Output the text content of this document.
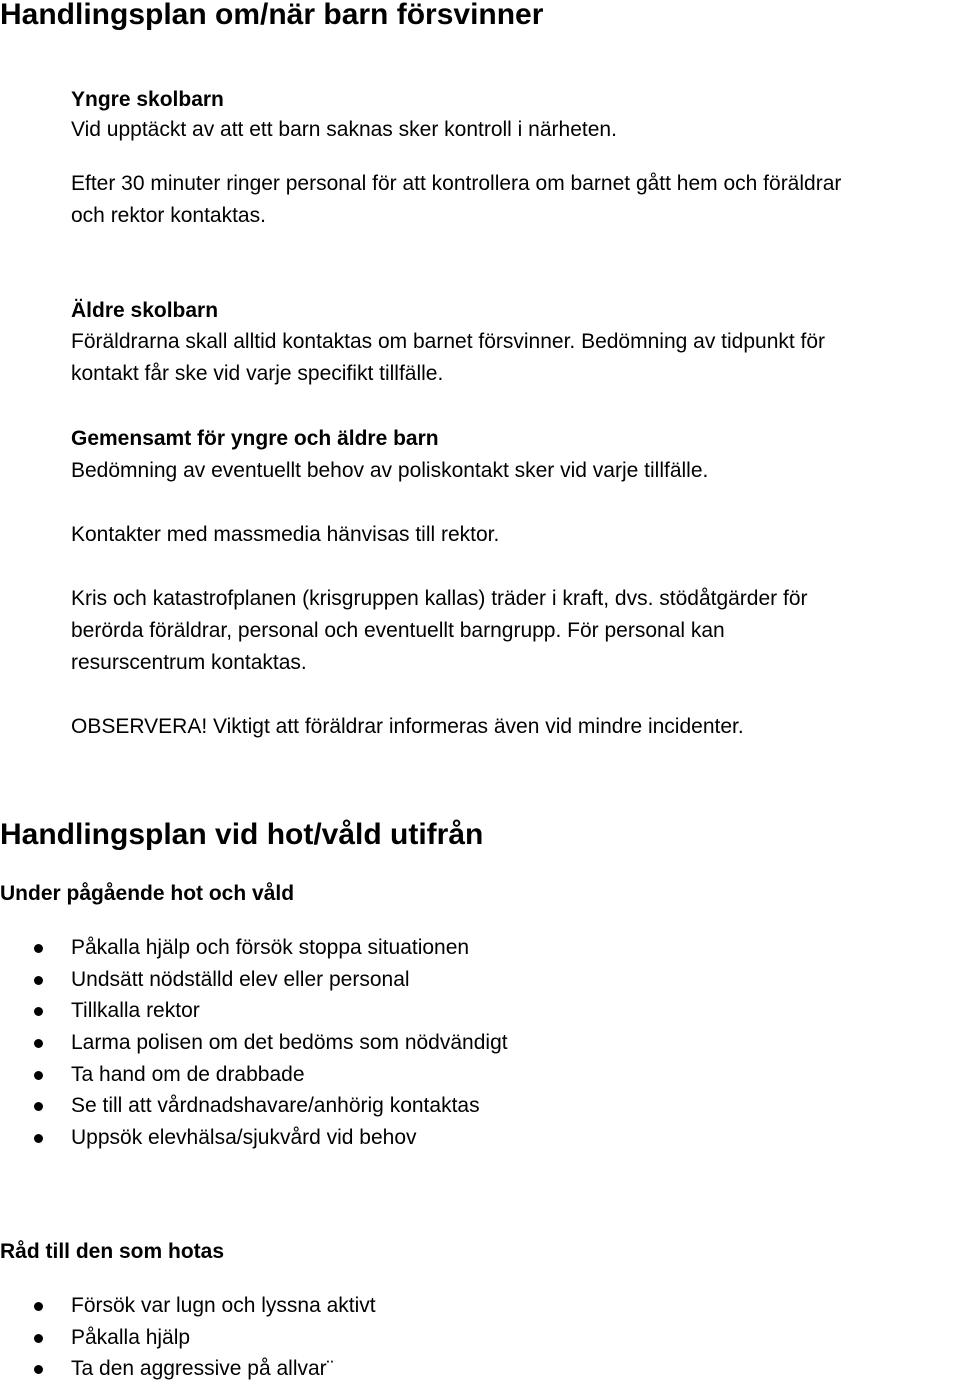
Handlingsplan om/när barn försvinner
Yngre skolbarn
Vid upptäckt av att ett barn saknas sker kontroll i närheten.
Efter 30 minuter ringer personal för att kontrollera om barnet gått hem och föräldrar
och rektor kontaktas.
Äldre skolbarn
Föräldrarna skall alltid kontaktas om barnet försvinner. Bedömning av tidpunkt för
kontakt får ske vid varje specifikt tillfälle.
Gemensamt för yngre och äldre barn
Bedömning av eventuellt behov av poliskontakt sker vid varje tillfälle.
Kontakter med massmedia hänvisas till rektor.
Kris och katastrofplanen (krisgruppen kallas) träder i kraft, dvs. stödåtgärder för
berörda föräldrar, personal och eventuellt barngrupp. För personal kan
resurscentrum kontaktas.
OBSERVERA! Viktigt att föräldrar informeras även vid mindre incidenter.
Handlingsplan vid hot/våld utifrån
Under pågående hot och våld
Påkalla hjälp och försök stoppa situationen
Undsätt nödställd elev eller personal
Tillkalla rektor
Larma polisen om det bedöms som nödvändigt
Ta hand om de drabbade
Se till att vårdnadshavare/anhörig kontaktas
Uppsök elevhälsa/sjukvård vid behov
Råd till den som hotas
Försök var lugn och lyssna aktivt
Påkalla hjälp
Ta den aggressive på allvar¨
